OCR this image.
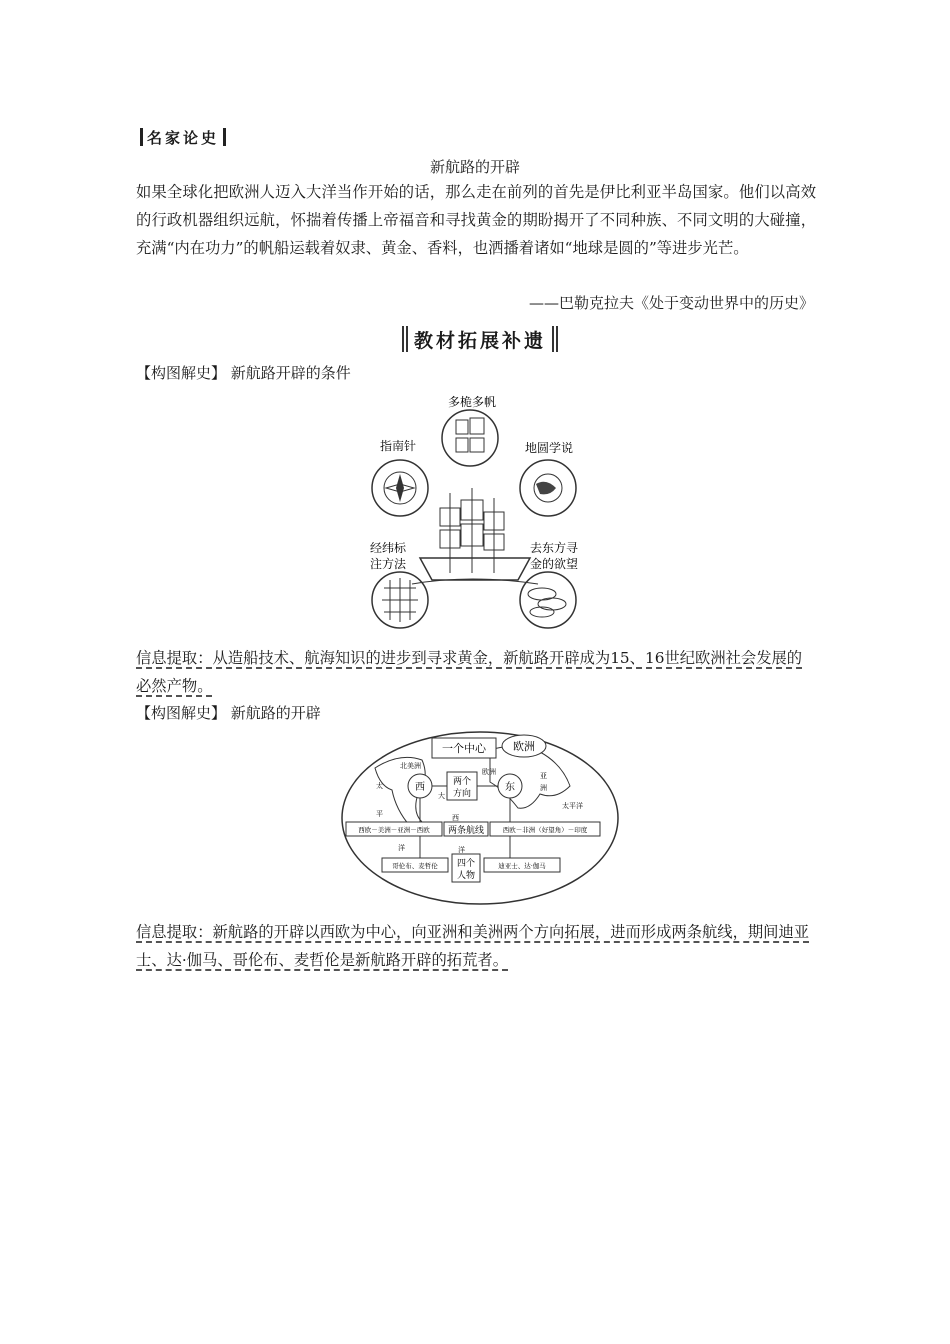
名家论史
新航路的开辟
如果全球化把欧洲人迈入大洋当作开始的话，那么走在前列的首先是伊比利亚半岛国家。他们以高效的行政机器组织远航，怀揣着传播上帝福音和寻找黄金的期盼揭开了不同种族、不同文明的大碰撞，充满“内在功力”的帆船运载着奴隶、黄金、香料，也洒播着诸如“地球是圆的”等进步光芒。
——巴勒克拉夫《处于变动世界中的历史》
教材拓展补遗
【构图解史】 新航路开辟的条件
多桅多帆
指南针	地圆学说
经纬标
注方法
去东方寻
金的欲望
信息提取：从造船技术、航海知识的进步到寻求黄金，新航路开辟成为15、16世纪欧洲社会发展的必然产物。
【构图解史】 新航路的开辟
一个中心 欧洲
北美洲
太
平
洋
大
西
洋
欧洲	亚
洲
太平洋
西	东
两个
方向
西欧－美洲－亚洲－西欧 两条航线	西欧－非洲（好望角）－印度
哥伦布、麦哲伦 四个
人物
迪亚士、达·伽马
信息提取：新航路的开辟以西欧为中心，向亚洲和美洲两个方向拓展，进而形成两条航线，期间迪亚士、达·伽马、哥伦布、麦哲伦是新航路开辟的拓荒者。
